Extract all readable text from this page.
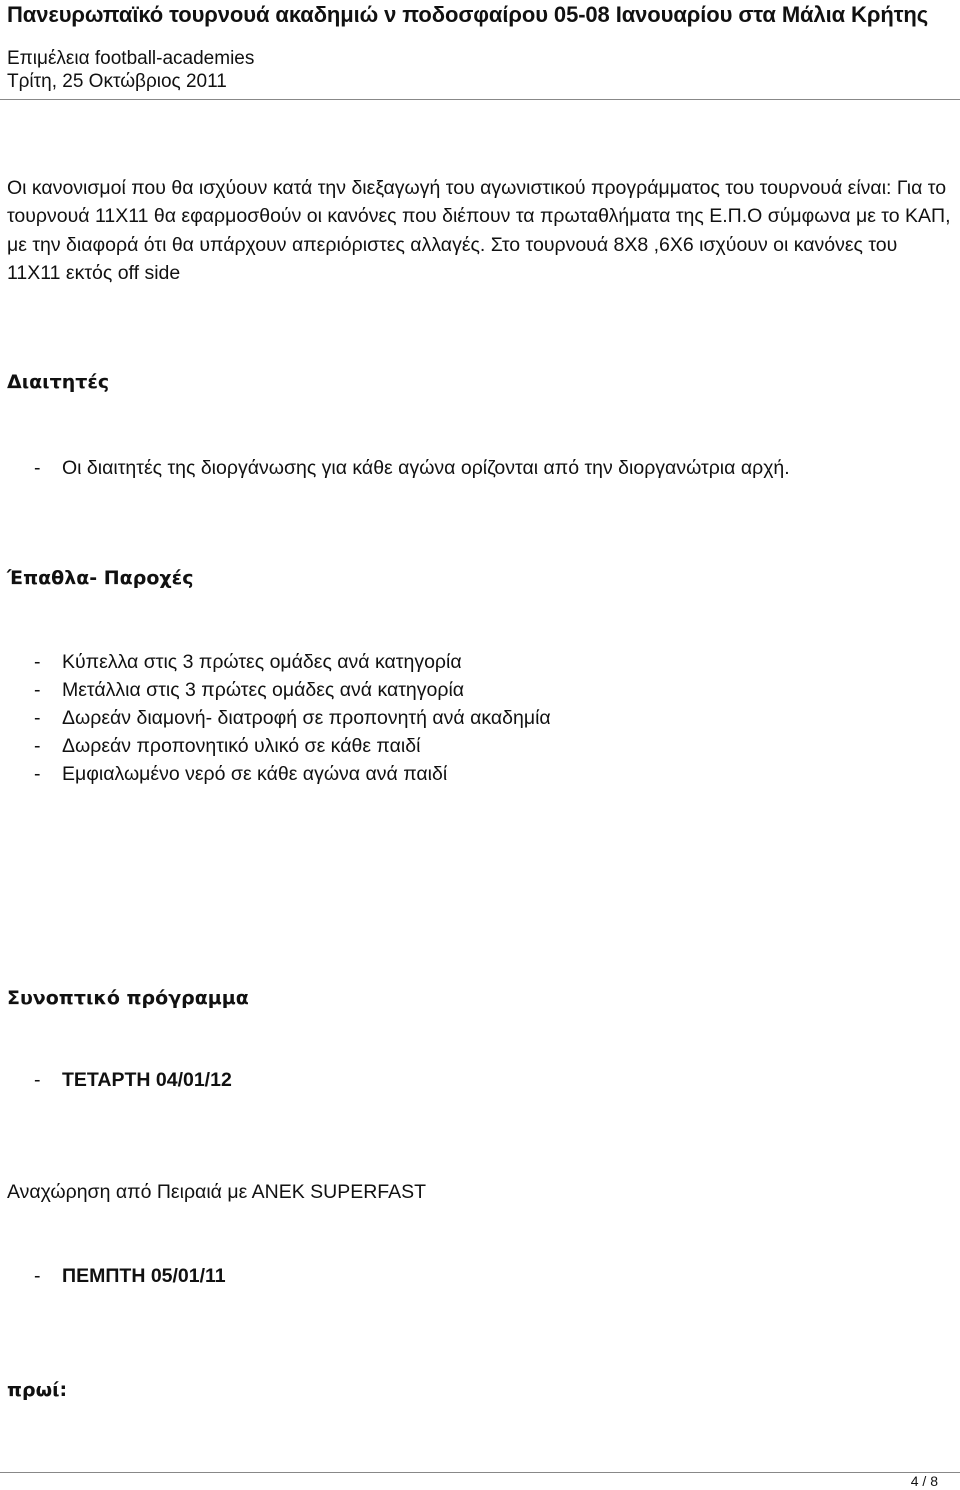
Πανευρωπαϊκό τουρνουά ακαδημιώ ν ποδοσφαίρου 05-08 Ιανουαρίου στα Μάλια Κρήτης
Επιμέλεια football-academies
Τρίτη, 25 Οκτώβριος 2011

Οι κανονισμοί που θα ισχύουν κατά την διεξαγωγή του αγωνιστικού προγράμματος του τουρνουά είναι: Για το τουρνουά 11Χ11 θα εφαρμοσθούν οι κανόνες που διέπουν τα πρωταθλήματα της Ε.Π.Ο σύμφωνα με το ΚΑΠ, με την διαφορά ότι θα υπάρχουν απεριόριστες αλλαγές. Στο τουρνουά 8Χ8 ,6Χ6 ισχύουν οι κανόνες του 11Χ11 εκτός off side

Διαιτητές
- Οι διαιτητές της διοργάνωσης για κάθε αγώνα ορίζονται από την διοργανώτρια αρχή.
Έπαθλα- Παροχές
- Κύπελλα στις 3 πρώτες ομάδες ανά κατηγορία
- Μετάλλια στις 3 πρώτες ομάδες ανά κατηγορία
- Δωρεάν διαμονή- διατροφή σε προπονητή ανά ακαδημία
- Δωρεάν προπονητικό υλικό σε κάθε παιδί
- Εμφιαλωμένο νερό σε κάθε αγώνα ανά παιδί
Συνοπτικό πρόγραμμα
- ΤΕΤΑΡΤΗ 04/01/12
Αναχώρηση από Πειραιά με ΑΝΕΚ SUPERFAST
- ΠΕΜΠΤΗ 05/01/11
πρωί:
4 / 8
